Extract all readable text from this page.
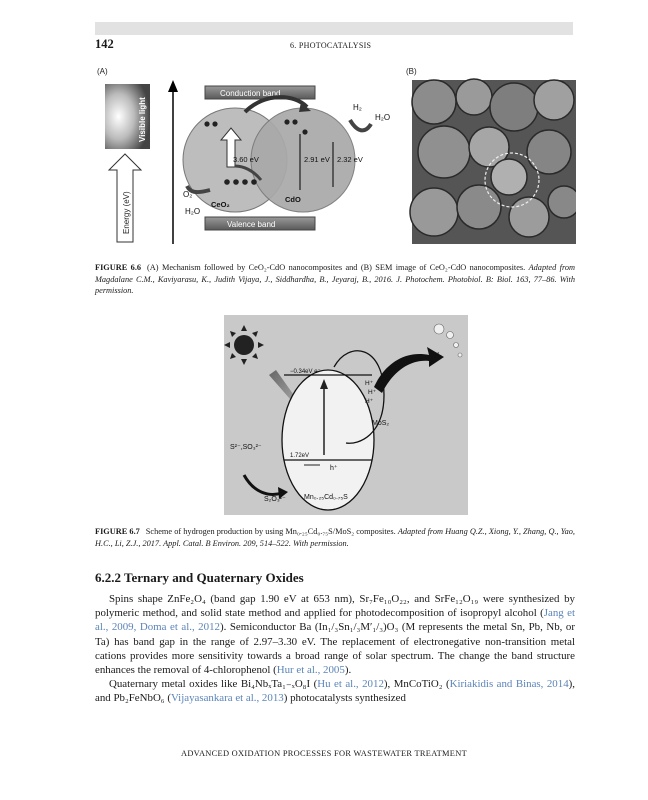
142	6. PHOTOCATALYSIS
(A)
Visible light
Energy (eV)
Conduction band
Valence band
3.60 eV	2.91 eV 2.32 eV
CeO₂
CdO
O₂
H₂O
H₂
H₂O
(B)
FIGURE 6.6 (A) Mechanism followed by CeO₂-CdO nanocomposites and (B) SEM image of CeO₂-CdO nanocomposites. Adapted from Magdalane C.M., Kaviyarasu, K., Judith Vijaya, J., Siddhardha, B., Jeyaraj, B., 2016. J. Photochem. Photobiol. B: Biol. 163, 77–86. With permission.
−0.34eV e⁻
1.72eV
h⁺
MoS₂
H⁺
H⁺
H⁺
H₂
S²⁻,SO₃²⁻
S₂O₃²⁻	Mn₀.₂₅Cd₀.₇₅S
FIGURE 6.7 Scheme of hydrogen production by using Mn₀.₂₅Cd₀.₇₅S/MoS₂ composites. Adapted from Huang Q.Z., Xiong, Y., Zhang, Q., Yao, H.C., Li, Z.J., 2017. Appl. Catal. B Environ. 209, 514–522. With permission.
6.2.2 Ternary and Quaternary Oxides

Spins shape ZnFe₂O₄ (band gap 1.90 eV at 653 nm), Sr₇Fe₁₀O₂₂, and SrFe₁₂O₁₉ were synthesized by polymeric method, and solid state method and applied for photodecomposition of isopropyl alcohol (Jang et al., 2009, Doma et al., 2012). Semiconductor Ba (In₁/₃Sn₁/₃M′₁/₃)O₃ (M represents the metal Sn, Pb, Nb, or Ta) has band gap in the range of 2.97–3.30 eV. The replacement of electronegative non-transition metal cations provides more sensitivity towards a broad range of solar spectrum. The change the band structure enhances the removal of 4-chlorophenol (Hur et al., 2005).

Quaternary metal oxides like Bi₄NbₓTa₁₋ₓO₈I (Hu et al., 2012), MnCoTiO₂ (Kiriakidis and Binas, 2014), and Pb₂FeNbO₆ (Vijayasankara et al., 2013) photocatalysts synthesized

ADVANCED OXIDATION PROCESSES FOR WASTEWATER TREATMENT
